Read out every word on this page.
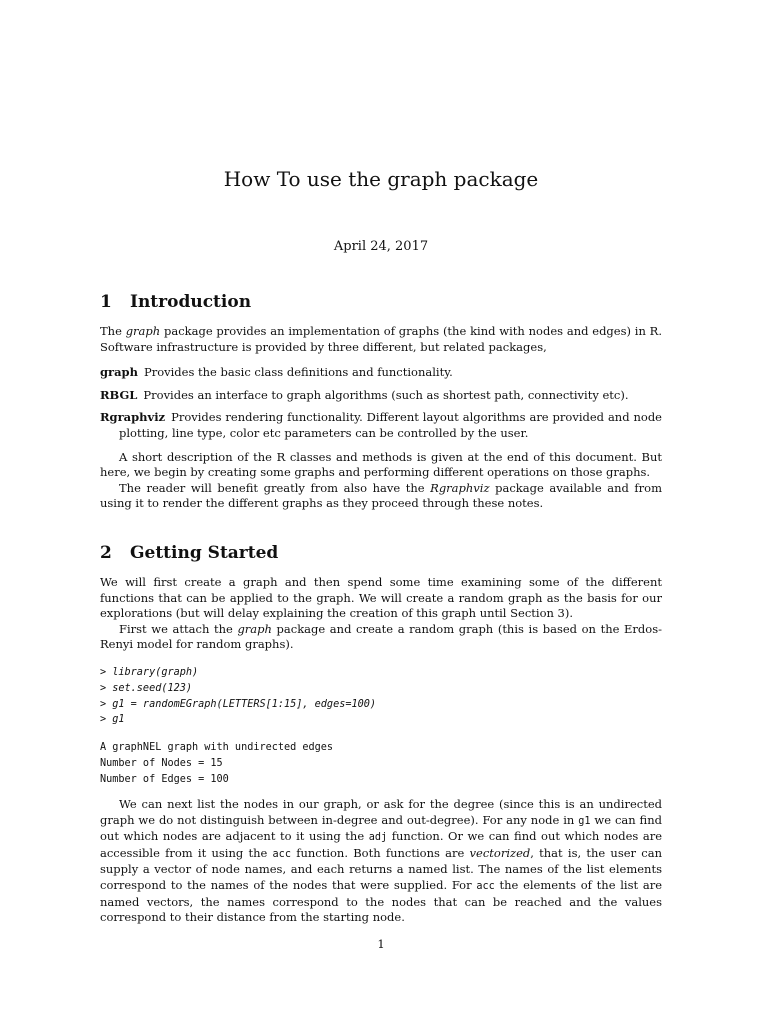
How To use the graph package
April 24, 2017
1 Introduction

The graph package provides an implementation of graphs (the kind with nodes and edges) in R. Software infrastructure is provided by three different, but related packages,

graph Provides the basic class definitions and functionality.
RBGL Provides an interface to graph algorithms (such as shortest path, connectivity etc).
Rgraphviz Provides rendering functionality. Different layout algorithms are provided and node plotting, line type, color etc parameters can be controlled by the user.

A short description of the R classes and methods is given at the end of this document. But here, we begin by creating some graphs and performing different operations on those graphs.

The reader will benefit greatly from also have the Rgraphviz package available and from using it to render the different graphs as they proceed through these notes.

2 Getting Started

We will first create a graph and then spend some time examining some of the different functions that can be applied to the graph. We will create a random graph as the basis for our explorations (but will delay explaining the creation of this graph until Section 3).

First we attach the graph package and create a random graph (this is based on the Erdos-Renyi model for random graphs).

> library(graph)
> set.seed(123)
> g1 = randomEGraph(LETTERS[1:15], edges=100)
> g1
A graphNEL graph with undirected edges
Number of Nodes = 15
Number of Edges = 100

We can next list the nodes in our graph, or ask for the degree (since this is an undirected graph we do not distinguish between in-degree and out-degree). For any node in g1 we can find out which nodes are adjacent to it using the adj function. Or we can find out which nodes are accessible from it using the acc function. Both functions are vectorized, that is, the user can supply a vector of node names, and each returns a named list. The names of the list elements correspond to the names of the nodes that were supplied. For acc the elements of the list are named vectors, the names correspond to the nodes that can be reached and the values correspond to their distance from the starting node.

1
